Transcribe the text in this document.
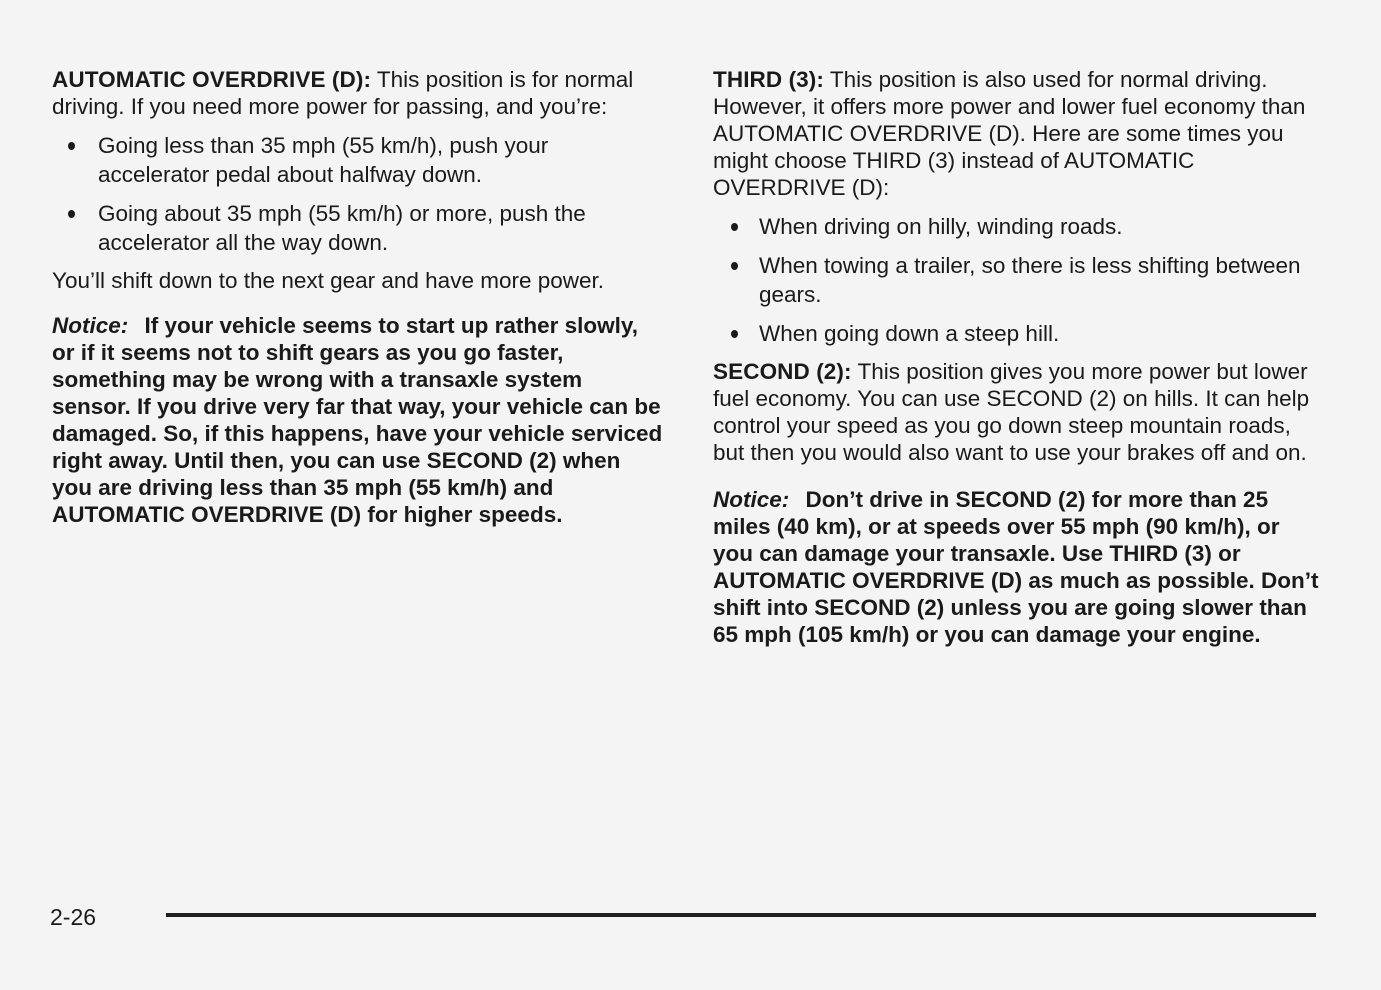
AUTOMATIC OVERDRIVE (D): This position is for normal driving. If you need more power for passing, and you’re:

Going less than 35 mph (55 km/h), push your accelerator pedal about halfway down.
Going about 35 mph (55 km/h) or more, push the accelerator all the way down.

You’ll shift down to the next gear and have more power.

Notice: If your vehicle seems to start up rather slowly, or if it seems not to shift gears as you go faster, something may be wrong with a transaxle system sensor. If you drive very far that way, your vehicle can be damaged. So, if this happens, have your vehicle serviced right away. Until then, you can use SECOND (2) when you are driving less than 35 mph (55 km/h) and AUTOMATIC OVERDRIVE (D) for higher speeds.

THIRD (3): This position is also used for normal driving. However, it offers more power and lower fuel economy than AUTOMATIC OVERDRIVE (D). Here are some times you might choose THIRD (3) instead of AUTOMATIC OVERDRIVE (D):

When driving on hilly, winding roads.
When towing a trailer, so there is less shifting between gears.
When going down a steep hill.

SECOND (2): This position gives you more power but lower fuel economy. You can use SECOND (2) on hills. It can help control your speed as you go down steep mountain roads, but then you would also want to use your brakes off and on.

Notice: Don’t drive in SECOND (2) for more than 25 miles (40 km), or at speeds over 55 mph (90 km/h), or you can damage your transaxle. Use THIRD (3) or AUTOMATIC OVERDRIVE (D) as much as possible. Don’t shift into SECOND (2) unless you are going slower than 65 mph (105 km/h) or you can damage your engine.

2-26
